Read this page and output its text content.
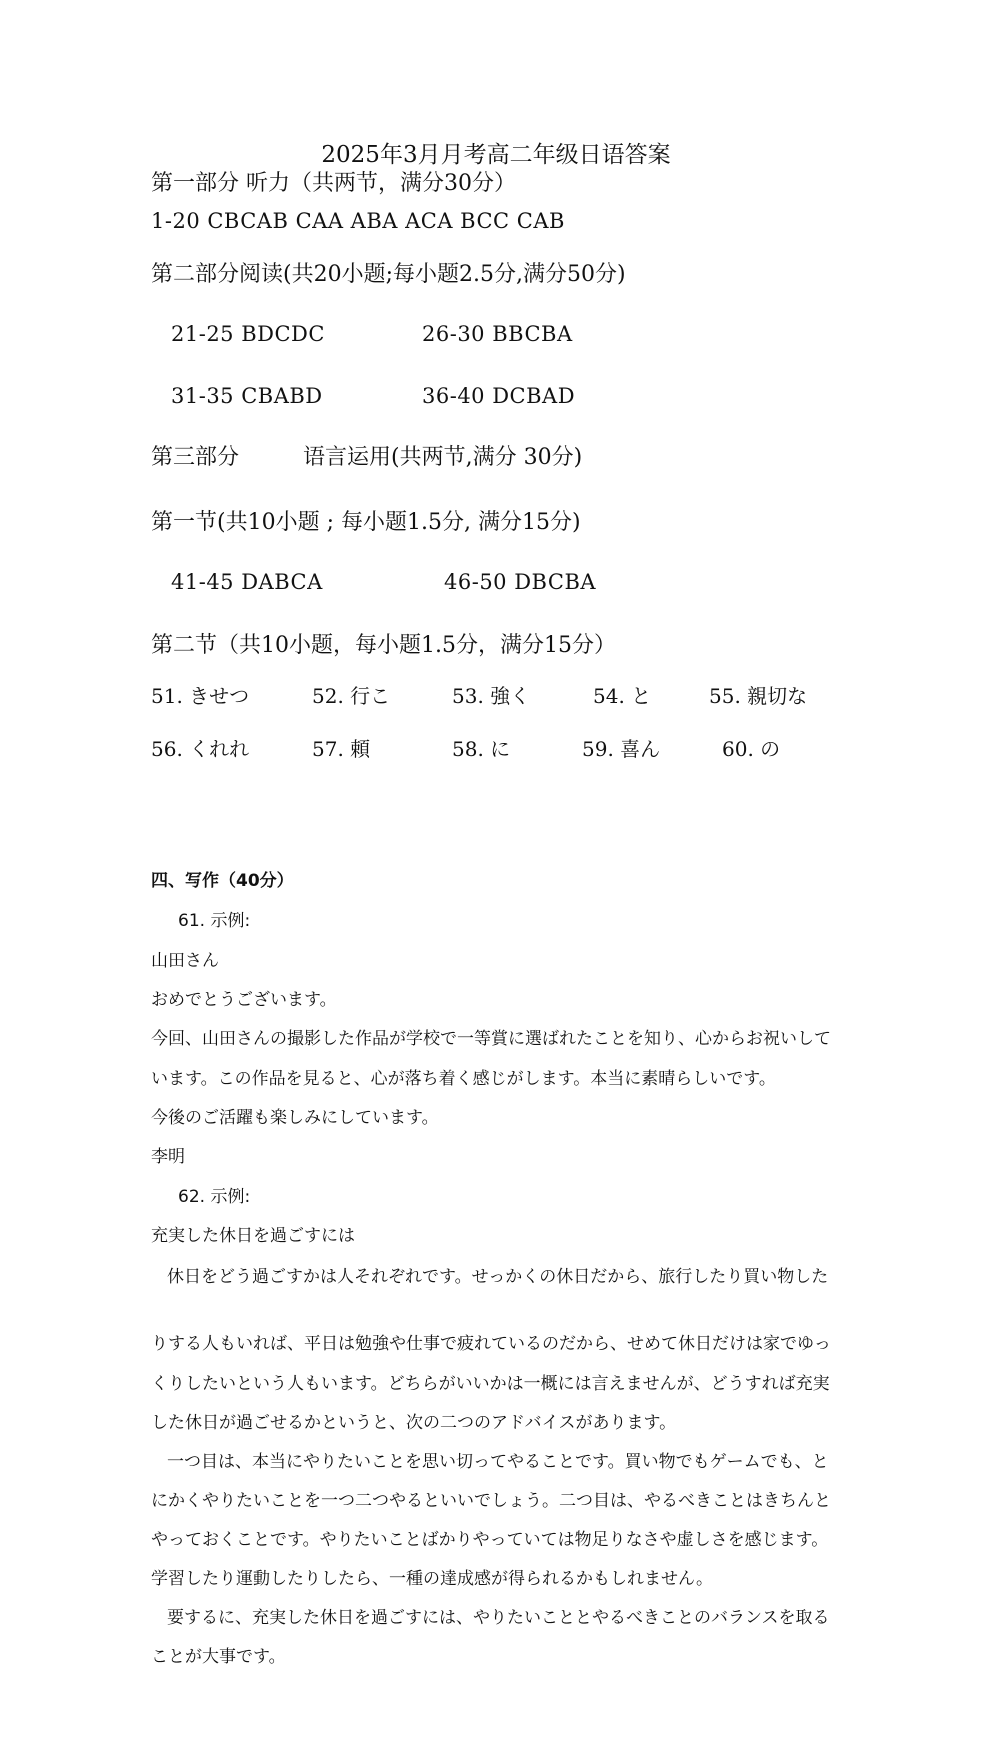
2025年3月月考高二年级日语答案
第一部分 听力（共两节，满分30分）
1-20 CBCAB CAA ABA ACA BCC CAB
第二部分阅读(共20小题;每小题2.5分,满分50分)
21-25 BDCDC	26-30 BBCBA
31-35 CBABD	36-40 DCBAD
第三部分	语言运用(共两节,满分 30分)
第一节(共10小题 ; 每小题1.5分, 满分15分)
41-45 DABCA	46-50 DBCBA
第二节（共10小题，每小题1.5分，满分15分）
51. きせつ	52. 行こ	53. 強く	54. と	55. 親切な
56. くれれ	57. 頼	58. に	59. 喜ん	60. の
四、写作（40分）
61. 示例:
山田さん
おめでとうございます。
今回、山田さんの撮影した作品が学校で一等賞に選ばれたことを知り、心からお祝いして
います。この作品を見ると、心が落ち着く感じがします。本当に素晴らしいです。
今後のご活躍も楽しみにしています。
李明
62. 示例:
充実した休日を過ごすには
休日をどう過ごすかは人それぞれです。せっかくの休日だから、旅行したり買い物した
りする人もいれば、平日は勉強や仕事で疲れているのだから、せめて休日だけは家でゆっ
くりしたいという人もいます。どちらがいいかは一概には言えませんが、どうすれば充実
した休日が過ごせるかというと、次の二つのアドバイスがあります。
一つ目は、本当にやりたいことを思い切ってやることです。買い物でもゲームでも、と
にかくやりたいことを一つ二つやるといいでしょう。二つ目は、やるべきことはきちんと
やっておくことです。やりたいことばかりやっていては物足りなさや虚しさを感じます。
学習したり運動したりしたら、一種の達成感が得られるかもしれません。
要するに、充実した休日を過ごすには、やりたいこととやるべきことのバランスを取る
ことが大事です。
